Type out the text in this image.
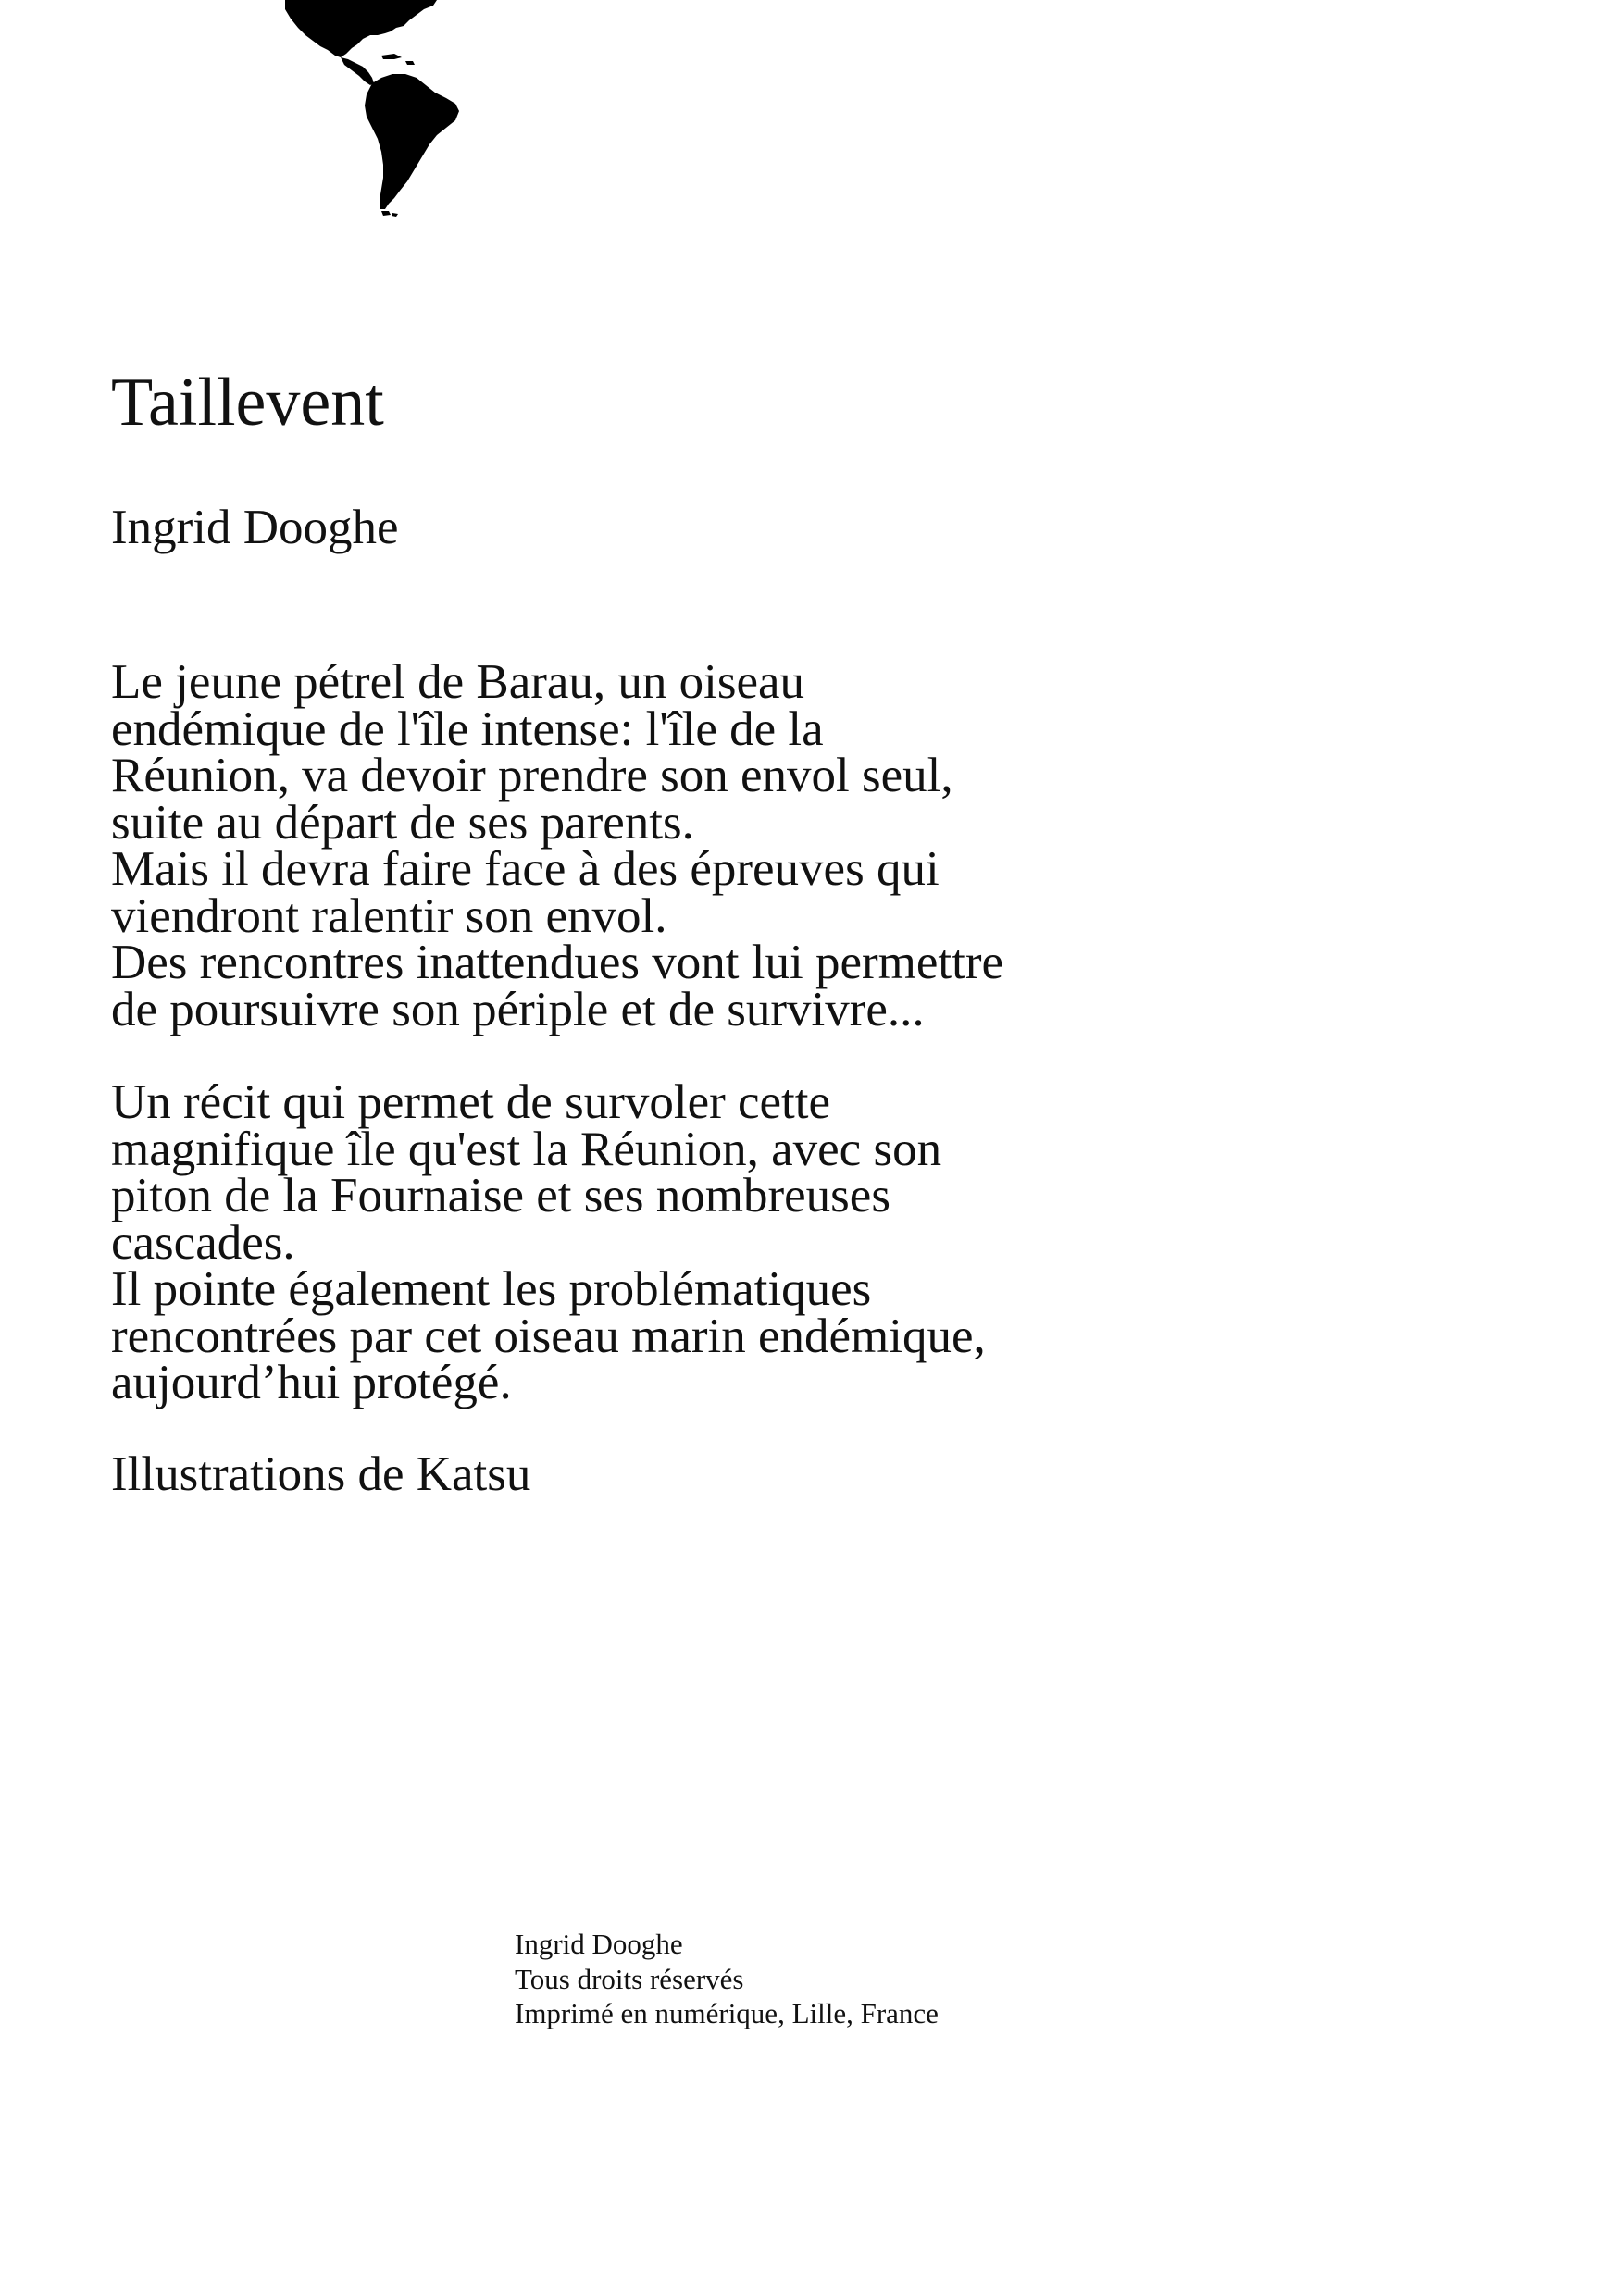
Taillevent
Ingrid Dooghe

Le jeune pétrel de Barau, un oiseau
endémique de l'île intense: l'île de la
Réunion, va devoir prendre son envol seul,
suite au départ de ses parents.
Mais il devra faire face à des épreuves qui
viendront ralentir son envol.
Des rencontres inattendues vont lui permettre
de poursuivre son périple et de survivre...

Un récit qui permet de survoler cette
magnifique île qu'est la Réunion, avec son
piton de la Fournaise et ses nombreuses
cascades.
Il pointe également les problématiques
rencontrées par cet oiseau marin endémique,
aujourd’hui protégé.

Illustrations de Katsu

Ingrid Dooghe
Tous droits réservés
Imprimé en numérique, Lille, France
